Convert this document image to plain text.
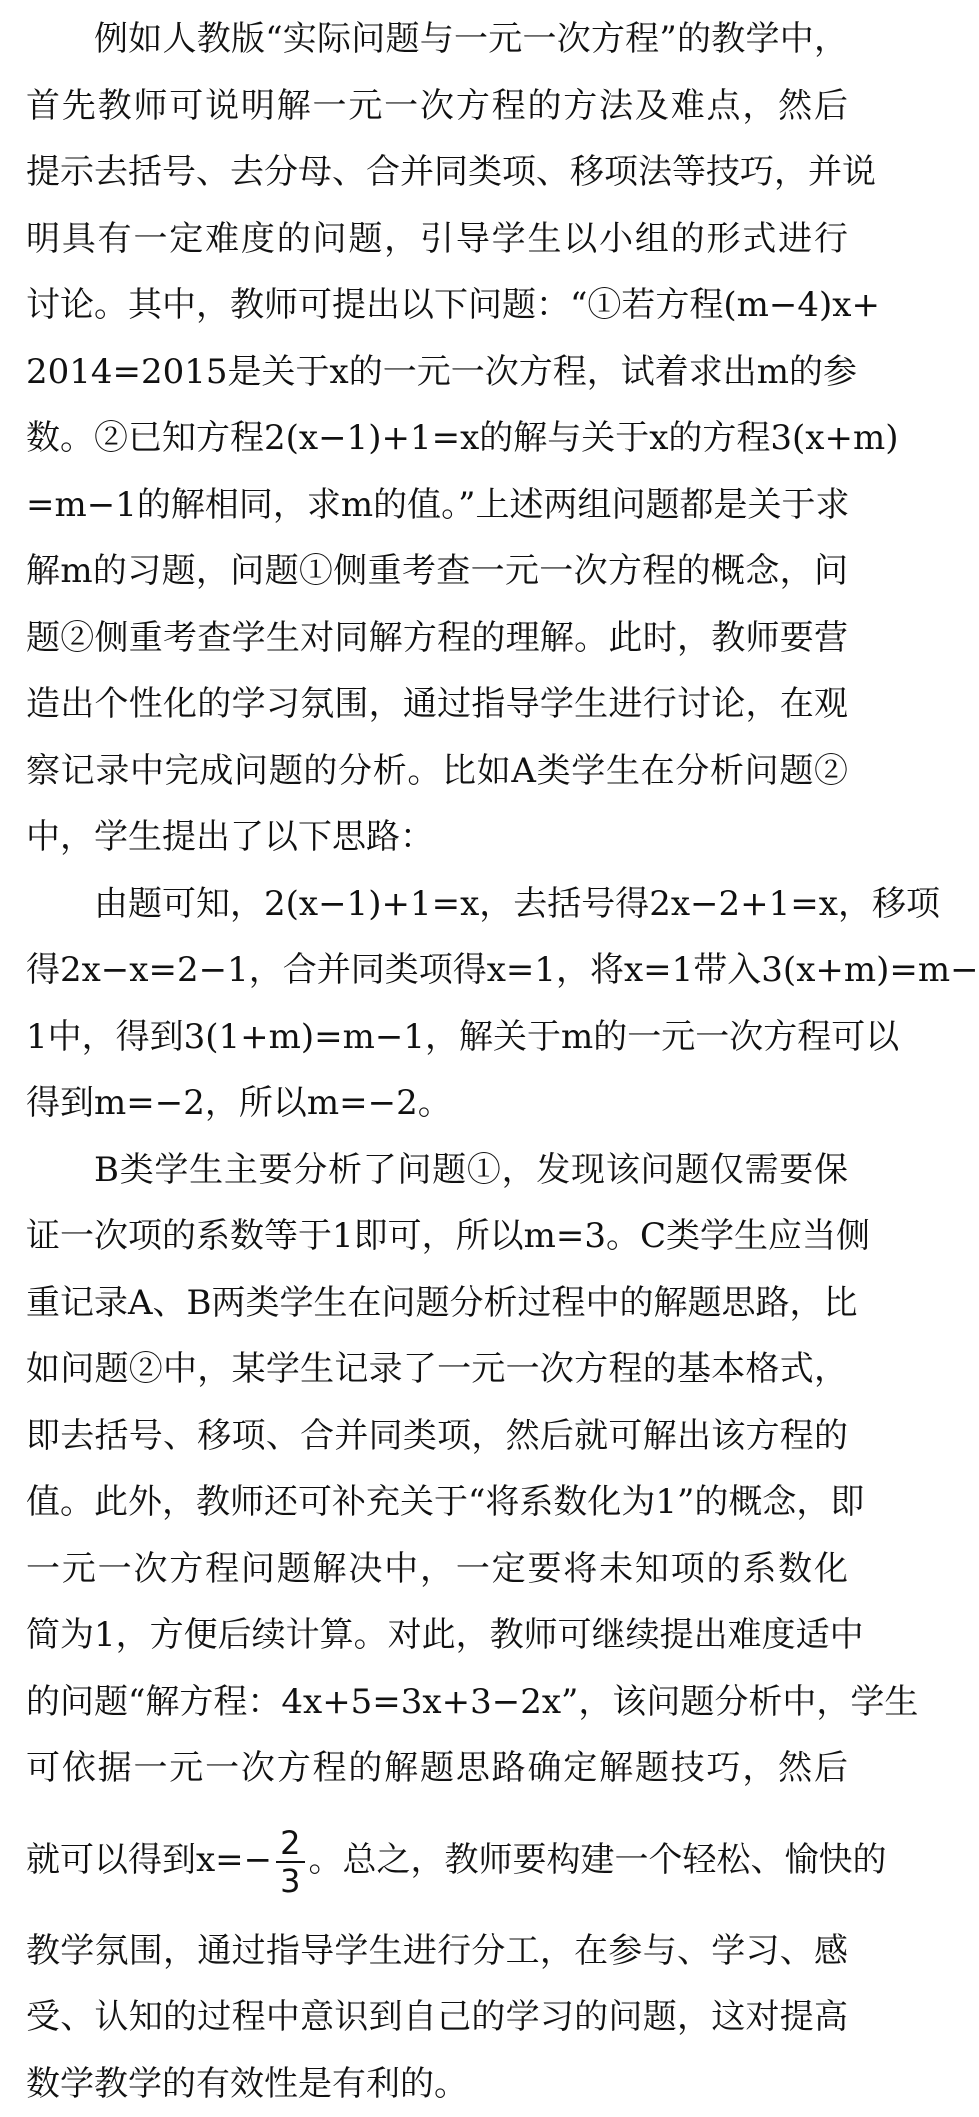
例如人教版“实际问题与一元一次方程”的教学中，
首先教师可说明解一元一次方程的方法及难点，然后
提示去括号、去分母、合并同类项、移项法等技巧，并说
明具有一定难度的问题，引导学生以小组的形式进行
讨论。其中，教师可提出以下问题：“①若方程(m−4)x+
2014=2015是关于x的一元一次方程，试着求出m的参
数。②已知方程2(x−1)+1=x的解与关于x的方程3(x+m)
=m−1的解相同，求m的值。”上述两组问题都是关于求
解m的习题，问题①侧重考查一元一次方程的概念，问
题②侧重考查学生对同解方程的理解。此时，教师要营
造出个性化的学习氛围，通过指导学生进行讨论，在观
察记录中完成问题的分析。比如A类学生在分析问题②
中，学生提出了以下思路：
由题可知，2(x−1)+1=x，去括号得2x−2+1=x，移项
得2x−x=2−1，合并同类项得x=1，将x=1带入3(x+m)=m−
1中，得到3(1+m)=m−1，解关于m的一元一次方程可以
得到m=−2，所以m=−2。
B类学生主要分析了问题①，发现该问题仅需要保
证一次项的系数等于1即可，所以m=3。C类学生应当侧
重记录A、B两类学生在问题分析过程中的解题思路，比
如问题②中，某学生记录了一元一次方程的基本格式，
即去括号、移项、合并同类项，然后就可解出该方程的
值。此外，教师还可补充关于“将系数化为1”的概念，即
一元一次方程问题解决中，一定要将未知项的系数化
简为1，方便后续计算。对此，教师可继续提出难度适中
的问题“解方程：4x+5=3x+3−2x”，该问题分析中，学生
可依据一元一次方程的解题思路确定解题技巧，然后
就可以得到$x=- \frac{2}{3}$ 。总之，教师要构建一个轻松、愉快的
教学氛围，通过指导学生进行分工，在参与、学习、感
受、认知的过程中意识到自己的学习的问题，这对提高
数学教学的有效性是有利的。
